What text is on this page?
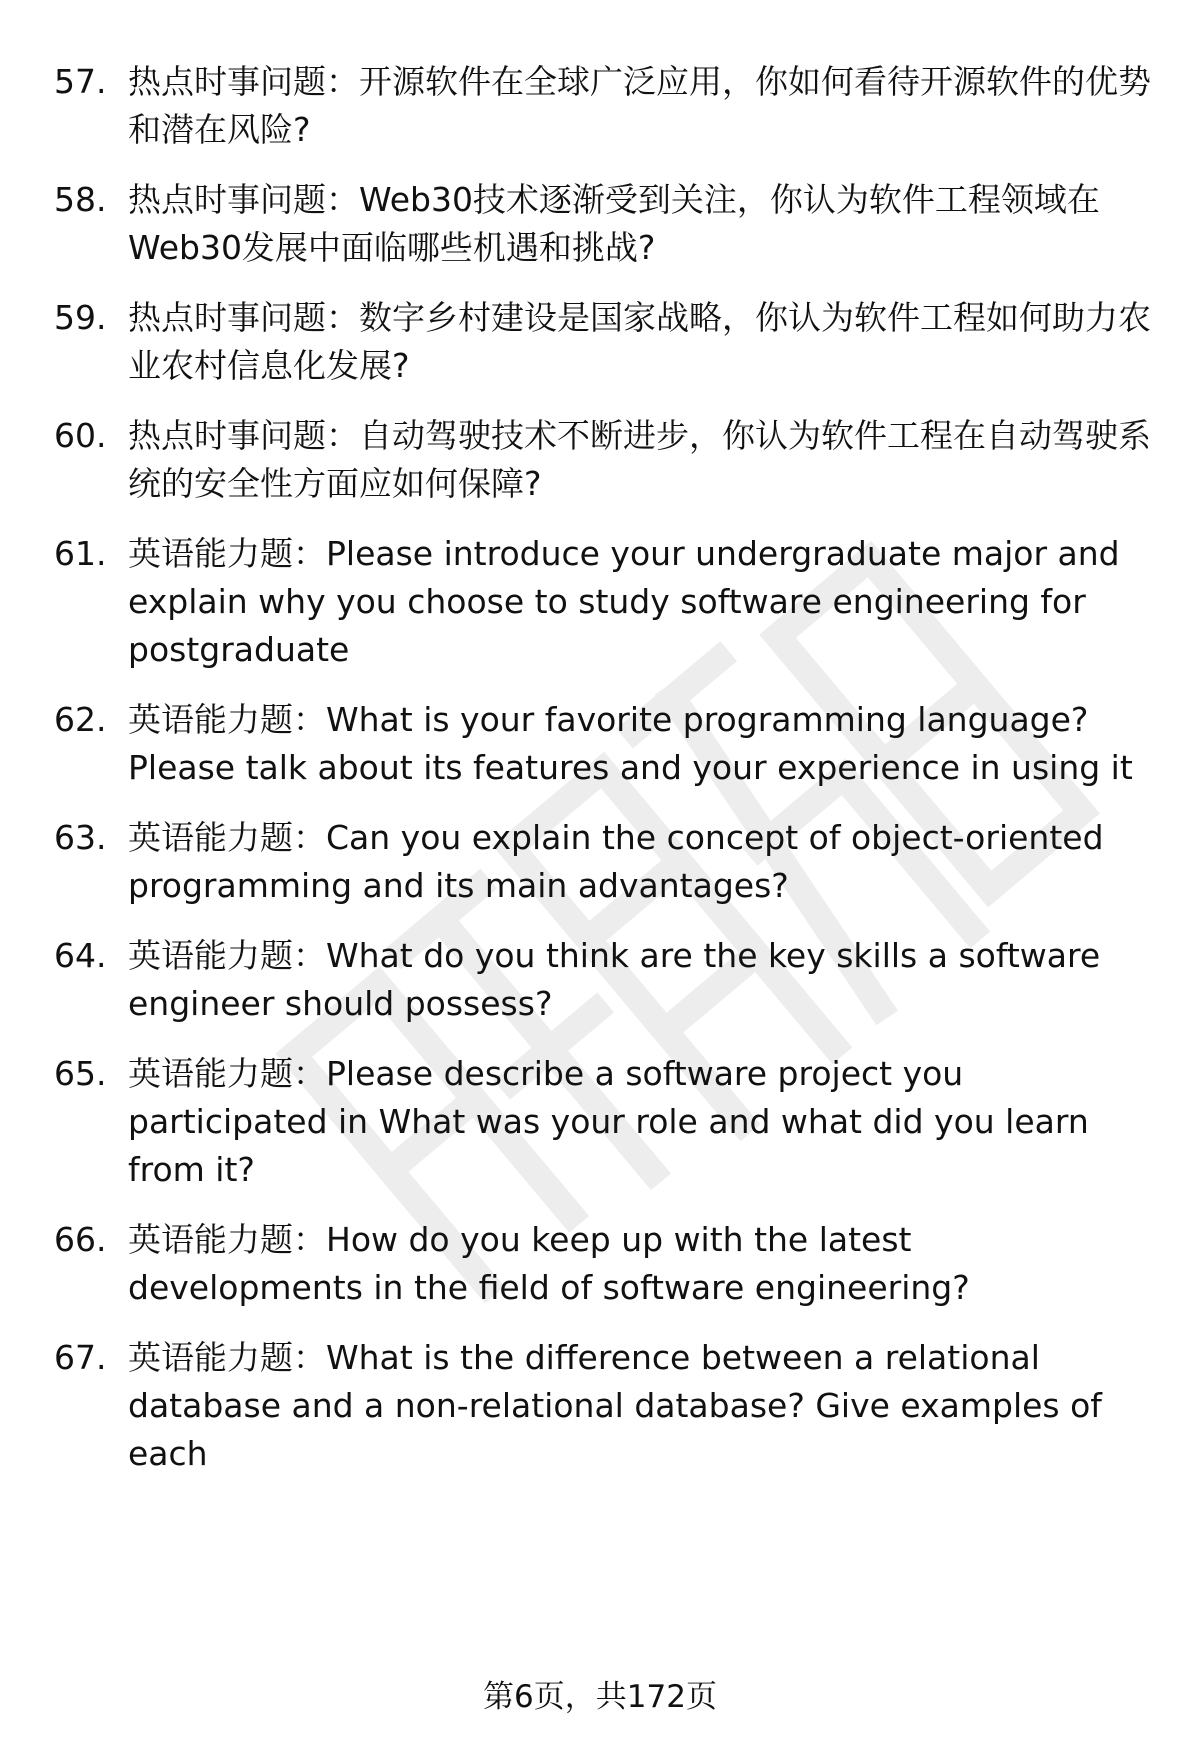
57. 热点时事问题：开源软件在全球广泛应用，你如何看待开源软件的优势和潜在风险?
58. 热点时事问题：Web30技术逐渐受到关注，你认为软件工程领域在Web30发展中面临哪些机遇和挑战?
59. 热点时事问题：数字乡村建设是国家战略，你认为软件工程如何助力农业农村信息化发展?
60. 热点时事问题：自动驾驶技术不断进步，你认为软件工程在自动驾驶系统的安全性方面应如何保障?
61. 英语能力题：Please introduce your undergraduate major and explain why you choose to study software engineering for postgraduate
62. 英语能力题：What is your favorite programming language? Please talk about its features and your experience in using it
63. 英语能力题：Can you explain the concept of object-oriented programming and its main advantages?
64. 英语能力题：What do you think are the key skills a software engineer should possess?
65. 英语能力题：Please describe a software project you participated in What was your role and what did you learn from it?
66. 英语能力题：How do you keep up with the latest developments in the field of software engineering?
67. 英语能力题：What is the difference between a relational database and a non-relational database? Give examples of each
第6页，共172页
